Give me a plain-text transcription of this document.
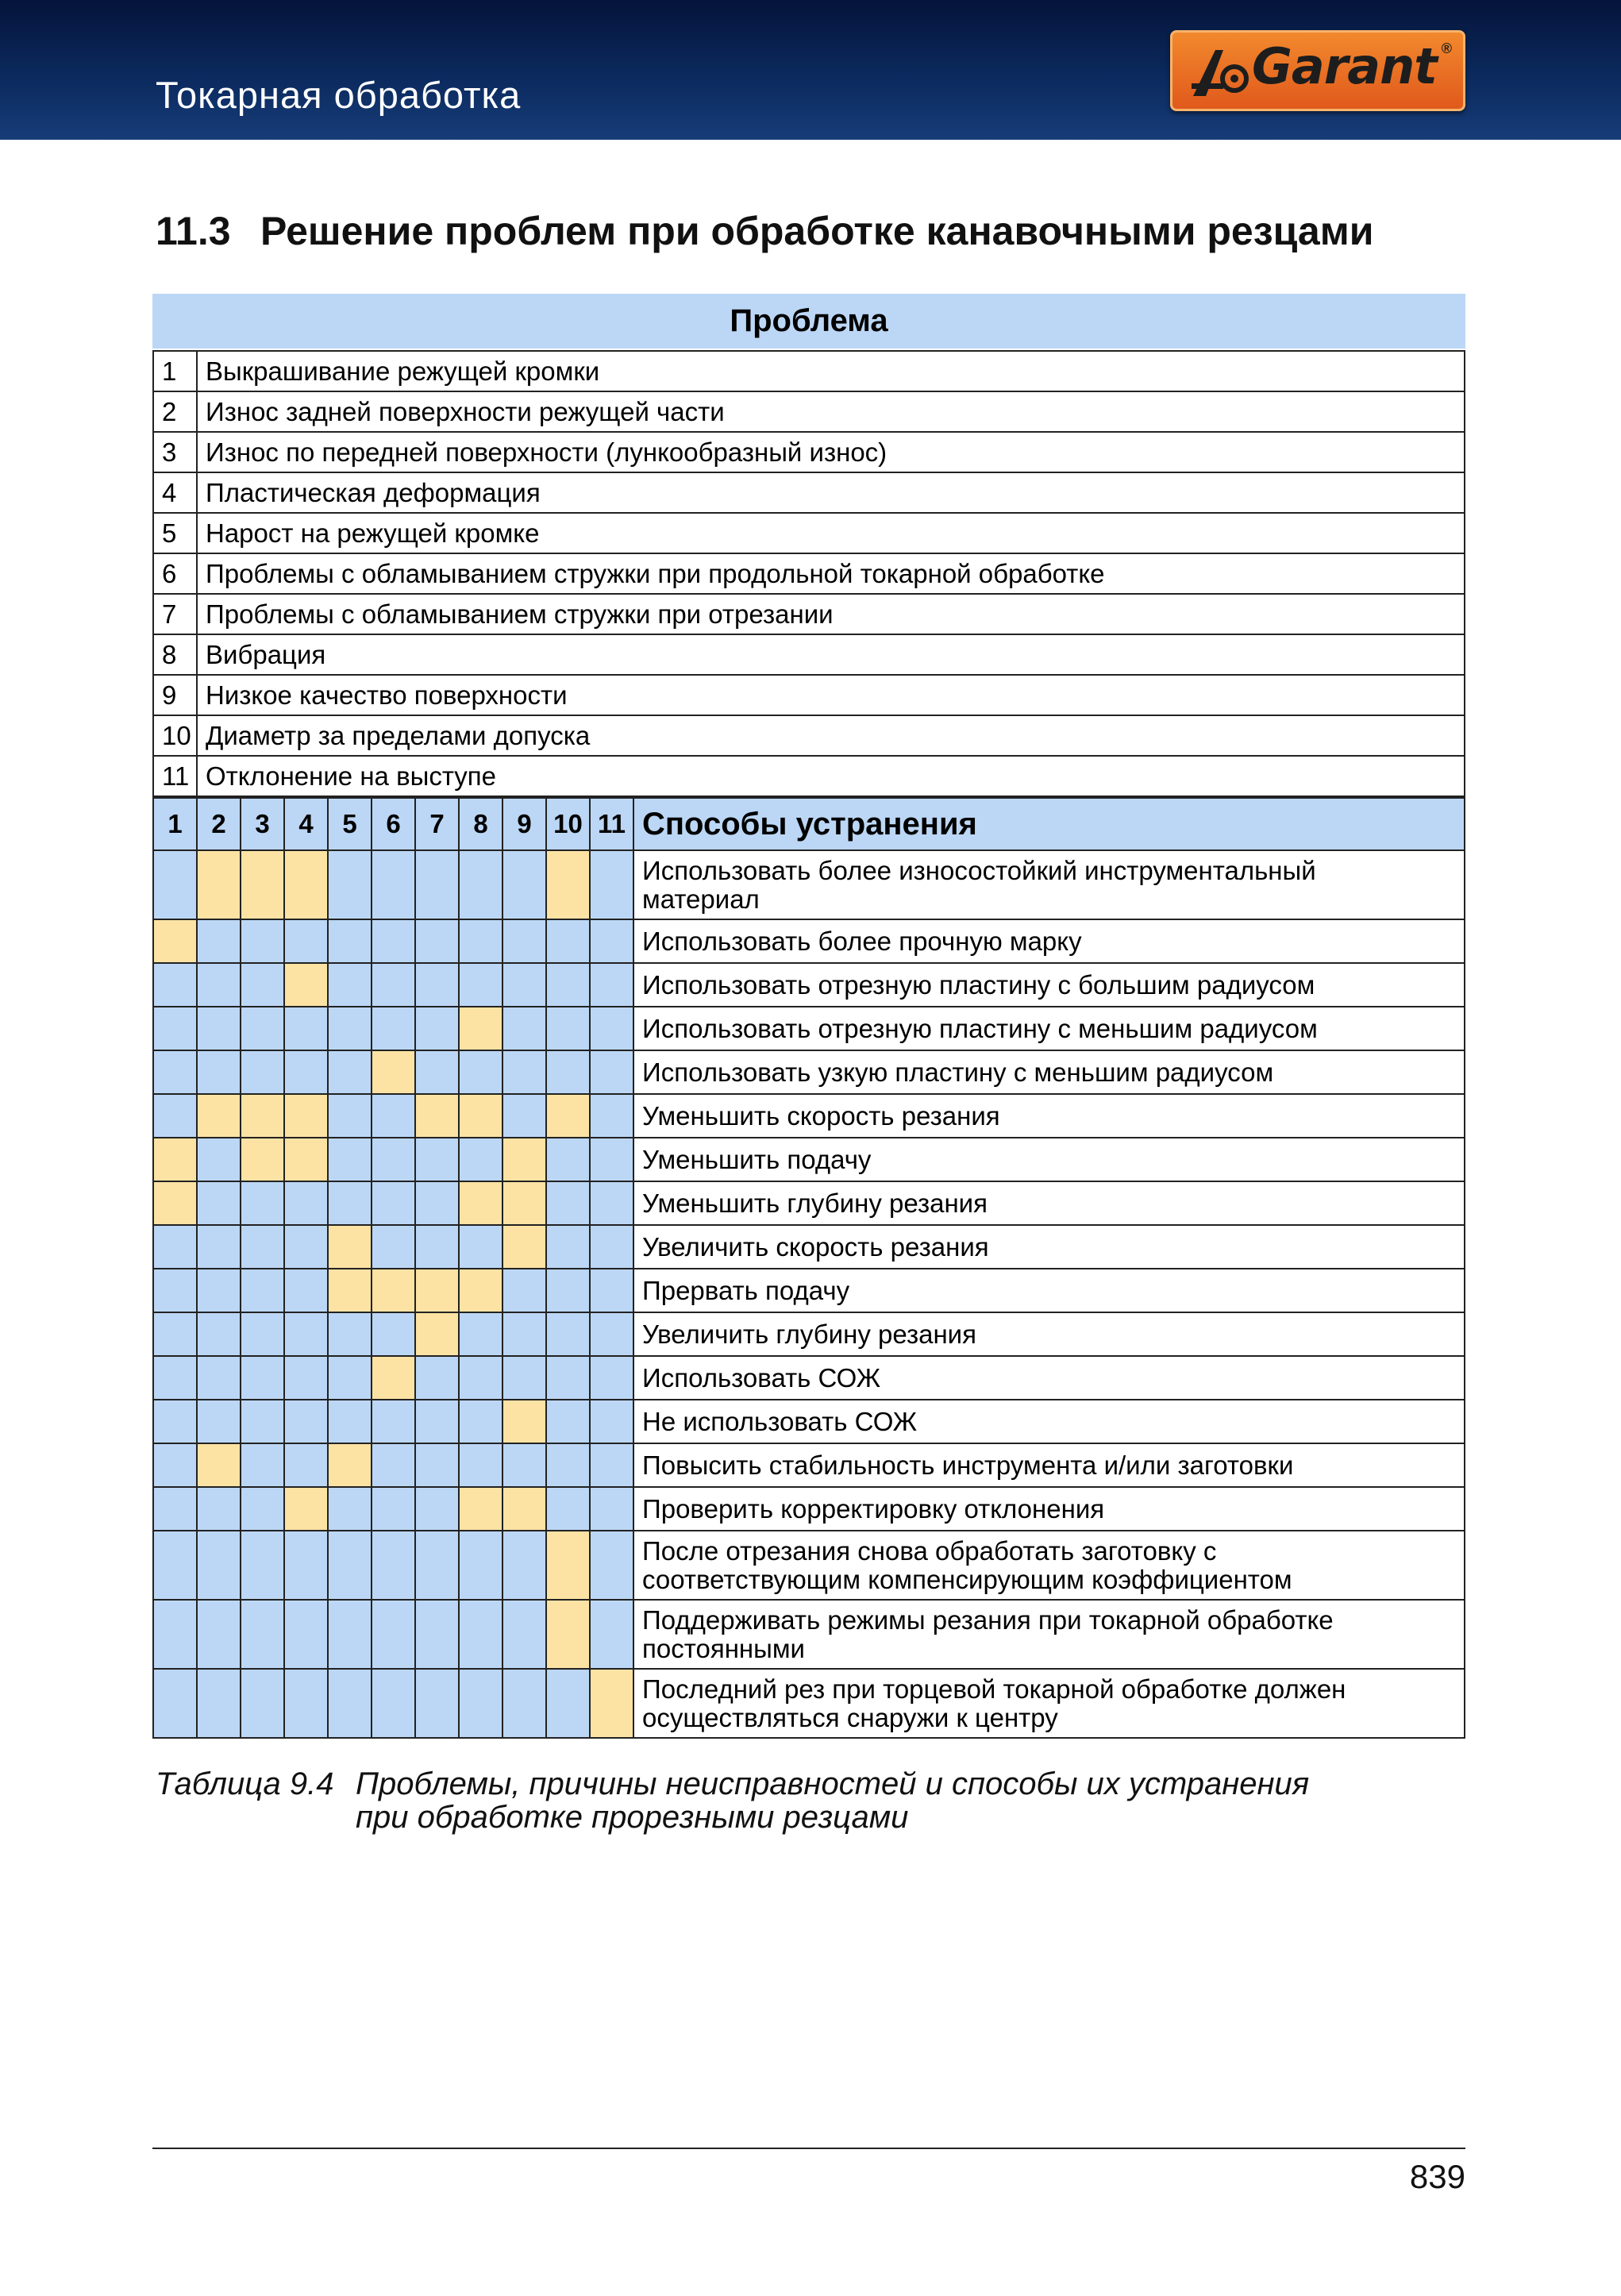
Токарная обработка	Garant ®
11.3 Решение проблем при обработке канавочными резцами
Проблема
1	Выкрашивание режущей кромки
2	Износ задней поверхности режущей части
3	Износ по передней поверхности (лункообразный износ)
4	Пластическая деформация
5	Нарост на режущей кромке
6	Проблемы с обламыванием стружки при продольной токарной обработке
7	Проблемы с обламыванием стружки при отрезании
8	Вибрация
9	Низкое качество поверхности
10	Диаметр за пределами допуска
11	Отклонение на выступе
1	2	3	4	5	6	7	8	9	10	11	Способы устранения
											Использовать более износостойкий инструментальный
материал
											Использовать более прочную марку
											Использовать отрезную пластину с большим радиусом
											Использовать отрезную пластину с меньшим радиусом
											Использовать узкую пластину с меньшим радиусом
											Уменьшить скорость резания
											Уменьшить подачу
											Уменьшить глубину резания
											Увеличить скорость резания
											Прервать подачу
											Увеличить глубину резания
											Использовать СОЖ
											Не использовать СОЖ
											Повысить стабильность инструмента и/или заготовки
											Проверить корректировку отклонения
											После отрезания снова обработать заготовку с
соответствующим компенсирующим коэффициентом
											Поддерживать режимы резания при токарной обработке
постоянными
											Последний рез при торцевой токарной обработке должен
осуществляться снаружи к центру
Таблица 9.4 Проблемы, причины неисправностей и способы их устранения
при обработке прорезными резцами
839
